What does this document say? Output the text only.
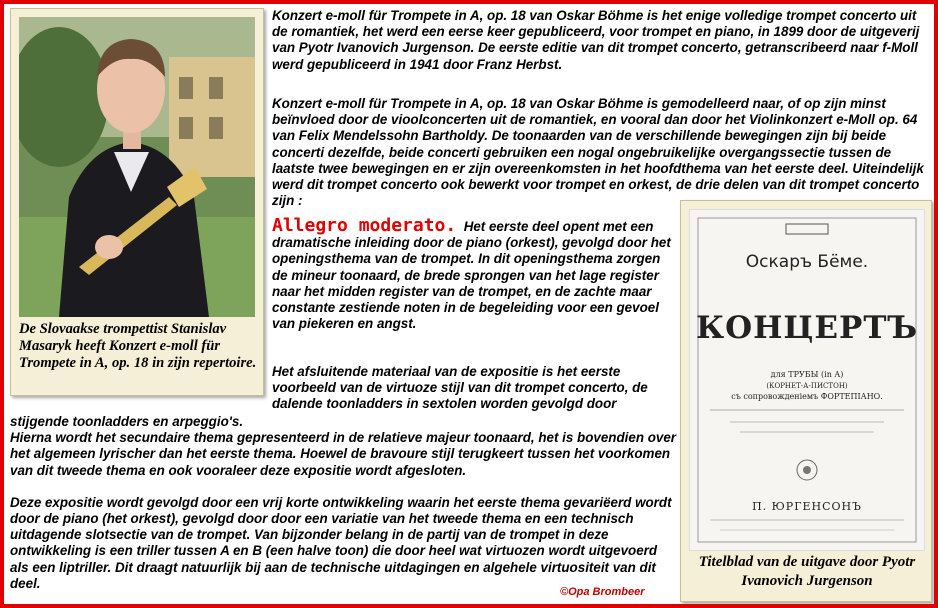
De Slovaakse trompettist Stanislav Masaryk heeft Konzert e-moll für Trompete in A, op. 18 in zijn repertoire.

Konzert e-moll für Trompete in A, op. 18 van Oskar Böhme is het enige volledige trompet concerto uit de romantiek, het werd een eerse keer gepubliceerd, voor trompet en piano, in 1899 door de uitgeverij van Pyotr Ivanovich Jurgenson. De eerste editie van dit trompet concerto, getranscribeerd naar f-Moll werd gepubliceerd in 1941 door Franz Herbst.

Konzert e-moll für Trompete in A, op. 18 van Oskar Böhme is gemodelleerd naar, of op zijn minst beïnvloed door de vioolconcerten uit de romantiek, en vooral dan door het Violinkonzert e-Moll op. 64 van Felix Mendelssohn Bartholdy. De toonaarden van de verschillende bewegingen zijn bij beide concerti dezelfde, beide concerti gebruiken een nogal ongebruikelijke overgangssectie tussen de laatste twee bewegingen en er zijn overeenkomsten in het hoofdthema van het eerste deel. Uiteindelijk werd dit trompet concerto ook bewerkt voor trompet en orkest, de drie delen van dit trompet concerto zijn :

Allegro moderato. Het eerste deel opent met een dramatische inleiding door de piano (orkest), gevolgd door het openingsthema van de trompet. In dit openingsthema zorgen de mineur toonaard, de brede sprongen van het lage register naar het midden register van de trompet, en de zachte maar constante zestiende noten in de begeleiding voor een gevoel van piekeren en angst.

Het afsluitende materiaal van de expositie is het eerste voorbeeld van de virtuoze stijl van dit trompet concerto, de dalende toonladders in sextolen worden gevolgd door

stijgende toonladders en arpeggio's.

Hierna wordt het secundaire thema gepresenteerd in de relatieve majeur toonaard, het is bovendien over het algemeen lyrischer dan het eerste thema. Hoewel de bravoure stijl terugkeert tussen het voorkomen van dit tweede thema en ook vooraleer deze expositie wordt afgesloten.

Deze expositie wordt gevolgd door een vrij korte ontwikkeling waarin het eerste thema gevariëerd wordt door de piano (het orkest), gevolgd door door een variatie van het tweede thema en een technisch uitdagende slotsectie van de trompet. Van bijzonder belang in de partij van de trompet in deze ontwikkeling is een triller tussen A en B (een halve toon) die door heel wat virtuozen wordt uitgevoerd als een liptriller. Dit draagt natuurlijk bij aan de technische uitdagingen en algehele virtuositeit van dit deel.

©Opa Brombeer
Оскаръ Бёме.
КОНЦЕРТЪ
для ТРУБЫ (in A)
(КОРНЕТ-А-ПИСТОН)
съ сопровожденіемъ ФОРТЕПІАНО.
П. ЮРГЕНСОНЪ
Titelblad van de uitgave door Pyotr Ivanovich Jurgenson
